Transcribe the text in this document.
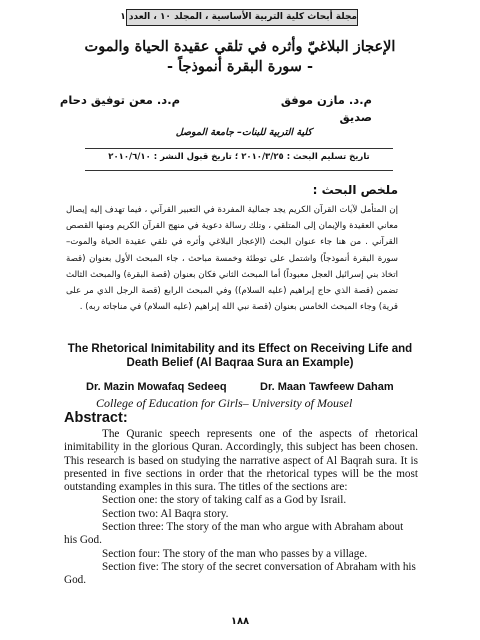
مجلة أبحاث كلية التربية الأساسية ، المجلد ١٠ ، العدد ١
الإعجاز البلاغيّ وأثره في تلقي عقيدة الحياة والموت
- سورة البقرة أنموذجاً -
م.د. مازن موفق
صديق
م.د. معن توفيق دحام
كلية التربية للبنات– جامعة الموصل
تاريخ تسليم البحث : ٢٠١٠/٣/٢٥ ؛ تاريخ قبول النشر : ٢٠١٠/٦/١٠
ملخص البحث :
إن المتأمل لآيات القرآن الكريم يجد جمالية المفردة في التعبير القرآني ، فيما تهدف إليه إيصال معاني العقيدة والإيمان إلى المتلقي ، وتلك رسالة دعوية في منهج القرآن الكريم ومنها القصص القرآني . من هنا جاء عنوان البحث (الإعجاز البلاغي وأثره في تلقي عقيدة الحياة والموت–سورة البقرة أنموذجاً) واشتمل على توطئة وخمسة مباحث ، جاء المبحث الأول بعنوان (قصة اتخاذ بني إسرائيل العجل معبوداً) أما المبحث الثاني فكان بعنوان (قصة البقرة) والمبحث الثالث تضمن (قصة الذي حاج إبراهيم (عليه السلام)) وفي المبحث الرابع (قصة الرجل الذي مر على قرية) وجاء المبحث الخامس بعنوان (قصة نبي الله إبراهيم (عليه السلام) في مناجاته ربه) .
The Rhetorical Inimitability and its Effect on Receiving Life and Death Belief (Al Baqraa Sura an Example)
Dr. Mazin Mowafaq Sedeeq	Dr. Maan Tawfeew Daham
College of Education for Girls– University of Mousel
Abstract:

The Quranic speech represents one of the aspects of rhetorical inimitability in the glorious Quran. Accordingly, this subject has been chosen. This research is based on studying the narrative aspect of Al Baqrah sura. It is presented in five sections in order that the rhetorical types will be the most outstanding examples in this sura. The titles of the sections are:

Section one: the story of taking calf as a God by Israil.

Section two: Al Baqra story.

Section three: The story of the man who argue with Abraham about his God.

Section four: The story of the man who passes by a village.

Section five: The story of the secret conversation of Abraham with his God.

١٨٨
